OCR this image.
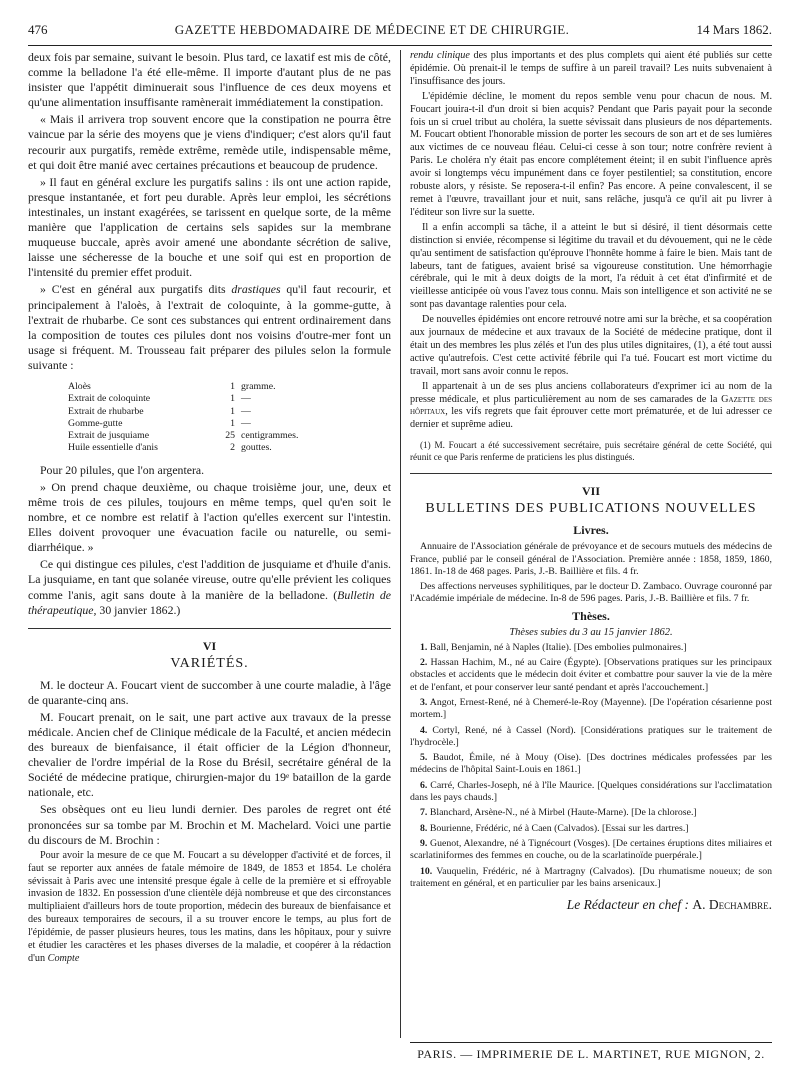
476	GAZETTE HEBDOMADAIRE DE MÉDECINE ET DE CHIRURGIE.	14 Mars 1862.

deux fois par semaine, suivant le besoin. Plus tard, ce laxatif est mis de côté, comme la belladone l'a été elle-même. Il importe d'autant plus de ne pas insister que l'appétit diminuerait sous l'influence de ces deux moyens et qu'une alimentation insuffisante ramènerait immédiatement la constipation.

« Mais il arrivera trop souvent encore que la constipation ne pourra être vaincue par la série des moyens que je viens d'indiquer; c'est alors qu'il faut recourir aux purgatifs, remède extrême, remède utile, indispensable même, et qui doit être manié avec certaines précautions et beaucoup de prudence.

» Il faut en général exclure les purgatifs salins : ils ont une action rapide, presque instantanée, et fort peu durable. Après leur emploi, les sécrétions intestinales, un instant exagérées, se tarissent en quelque sorte, de la même manière que l'application de certains sels sapides sur la membrane muqueuse buccale, après avoir amené une abondante sécrétion de salive, laisse une sécheresse de la bouche et une soif qui est en proportion de l'intensité du premier effet produit.

» C'est en général aux purgatifs dits drastiques qu'il faut recourir, et principalement à l'aloès, à l'extrait de coloquinte, à la gomme-gutte, à l'extrait de rhubarbe. Ce sont ces substances qui entrent ordinairement dans la composition de toutes ces pilules dont nos voisins d'outre-mer font un usage si fréquent. M. Trousseau fait préparer des pilules selon la formule suivante :

Aloès	1 gramme.
Extrait de coloquinte	1 —
Extrait de rhubarbe	1 —
Gomme-gutte	1 —
Extrait de jusquiame	25 centigrammes.
Huile essentielle d'anis	2 gouttes.

Pour 20 pilules, que l'on argentera.

» On prend chaque deuxième, ou chaque troisième jour, une, deux et même trois de ces pilules, toujours en même temps, quel qu'en soit le nombre, et ce nombre est relatif à l'action qu'elles exercent sur l'intestin. Elles doivent provoquer une évacuation facile ou naturelle, ou semi-diarrhéique. »

Ce qui distingue ces pilules, c'est l'addition de jusquiame et d'huile d'anis. La jusquiame, en tant que solanée vireuse, outre qu'elle prévient les coliques comme l'anis, agit sans doute à la manière de la belladone. (Bulletin de thérapeutique, 30 janvier 1862.)

VI
VARIÉTÉS.

M. le docteur A. Foucart vient de succomber à une courte maladie, à l'âge de quarante-cinq ans.

M. Foucart prenait, on le sait, une part active aux travaux de la presse médicale. Ancien chef de Clinique médicale de la Faculté, et ancien médecin des bureaux de bienfaisance, il était officier de la Légion d'honneur, chevalier de l'ordre impérial de la Rose du Brésil, secrétaire général de la Société de médecine pratique, chirurgien-major du 19ᵉ bataillon de la garde nationale, etc.

Ses obsèques ont eu lieu lundi dernier. Des paroles de regret ont été prononcées sur sa tombe par M. Brochin et M. Machelard. Voici une partie du discours de M. Brochin :

Pour avoir la mesure de ce que M. Foucart a su développer d'activité et de forces, il faut se reporter aux années de fatale mémoire de 1849, de 1853 et 1854. Le choléra sévissait à Paris avec une intensité presque égale à celle de la première et si effroyable invasion de 1832. En possession d'une clientèle déjà nombreuse et que des circonstances multipliaient d'ailleurs hors de toute proportion, médecin des bureaux de bienfaisance et des bureaux temporaires de secours, il a su trouver encore le temps, au plus fort de l'épidémie, de passer plusieurs heures, tous les matins, dans les hôpitaux, pour y suivre et étudier les caractères et les phases diverses de la maladie, et coopérer à la rédaction d'un Compte

rendu clinique des plus importants et des plus complets qui aient été publiés sur cette épidémie. Où prenait-il le temps de suffire à un pareil travail? Les nuits subvenaient à l'insuffisance des jours.

L'épidémie décline, le moment du repos semble venu pour chacun de nous. M. Foucart jouira-t-il d'un droit si bien acquis? Pendant que Paris payait pour la seconde fois un si cruel tribut au choléra, la suette sévissait dans plusieurs de nos départements. M. Foucart obtient l'honorable mission de porter les secours de son art et de ses lumières aux victimes de ce nouveau fléau. Celui-ci cesse à son tour; notre confrère revient à Paris. Le choléra n'y était pas encore complétement éteint; il en subit l'influence après avoir si longtemps vécu impunément dans ce foyer pestilentiel; sa constitution, encore robuste alors, y résiste. Se reposera-t-il enfin? Pas encore. A peine convalescent, il se remet à l'œuvre, travaillant jour et nuit, sans relâche, jusqu'à ce qu'il ait pu livrer à l'éditeur son livre sur la suette.

Il a enfin accompli sa tâche, il a atteint le but si désiré, il tient désormais cette distinction si enviée, récompense si légitime du travail et du dévouement, qui ne le cède qu'au sentiment de satisfaction qu'éprouve l'honnête homme à faire le bien. Mais tant de labeurs, tant de fatigues, avaient brisé sa vigoureuse constitution. Une hémorrhagie cérébrale, qui le mit à deux doigts de la mort, l'a réduit à cet état d'infirmité et de vieillesse anticipée où vous l'avez tous connu. Mais son intelligence et son activité ne se sont pas davantage ralenties pour cela.

De nouvelles épidémies ont encore retrouvé notre ami sur la brèche, et sa coopération aux journaux de médecine et aux travaux de la Société de médecine pratique, dont il était un des membres les plus zélés et l'un des plus utiles dignitaires, (1), a été tout aussi active qu'autrefois. C'est cette activité fébrile qui l'a tué. Foucart est mort victime du travail, mort sans avoir connu le repos.

Il appartenait à un de ses plus anciens collaborateurs d'exprimer ici au nom de la presse médicale, et plus particulièrement au nom de ses camarades de la Gazette des hôpitaux, les vifs regrets que fait éprouver cette mort prématurée, et de lui adresser ce dernier et suprême adieu.

(1) M. Foucart a été successivement secrétaire, puis secrétaire général de cette Société, qui réunit ce que Paris renferme de praticiens les plus distingués.

VII
BULLETINS DES PUBLICATIONS NOUVELLES
Livres.

Annuaire de l'Association générale de prévoyance et de secours mutuels des médecins de France, publié par le conseil général de l'Association. Première année : 1858, 1859, 1860, 1861. In-18 de 468 pages. Paris, J.-B. Baillière et fils. 4 fr.

Des affections nerveuses syphilitiques, par le docteur D. Zambaco. Ouvrage couronné par l'Académie impériale de médecine. In-8 de 596 pages. Paris, J.-B. Baillière et fils. 7 fr.

Thèses.
Thèses subies du 3 au 15 janvier 1862.

1. Ball, Benjamin, né à Naples (Italie). [Des embolies pulmonaires.]

2. Hassan Hachim, M., né au Caire (Égypte). [Observations pratiques sur les principaux obstacles et accidents que le médecin doit éviter et combattre pour sauver la vie de la mère et de l'enfant, et pour conserver leur santé pendant et après l'accouchement.]

3. Angot, Ernest-René, né à Chemeré-le-Roy (Mayenne). [De l'opération césarienne post mortem.]

4. Cortyl, René, né à Cassel (Nord). [Considérations pratiques sur le traitement de l'hydrocèle.]

5. Baudot, Émile, né à Mouy (Oise). [Des doctrines médicales professées par les médecins de l'hôpital Saint-Louis en 1861.]

6. Carré, Charles-Joseph, né à l'île Maurice. [Quelques considérations sur l'acclimatation dans les pays chauds.]

7. Blanchard, Arsène-N., né à Mirbel (Haute-Marne). [De la chlorose.]

8. Bourienne, Frédéric, né à Caen (Calvados). [Essai sur les dartres.]

9. Guenot, Alexandre, né à Tignécourt (Vosges). [De certaines éruptions dites miliaires et scarlatiniformes des femmes en couche, ou de la scarlatinoïde puerpérale.]

10. Vauquelin, Frédéric, né à Martragny (Calvados). [Du rhumatisme noueux; de son traitement en général, et en particulier par les bains arsenicaux.]

Le Rédacteur en chef : A. Dechambre.
PARIS. — IMPRIMERIE DE L. MARTINET, RUE MIGNON, 2.
